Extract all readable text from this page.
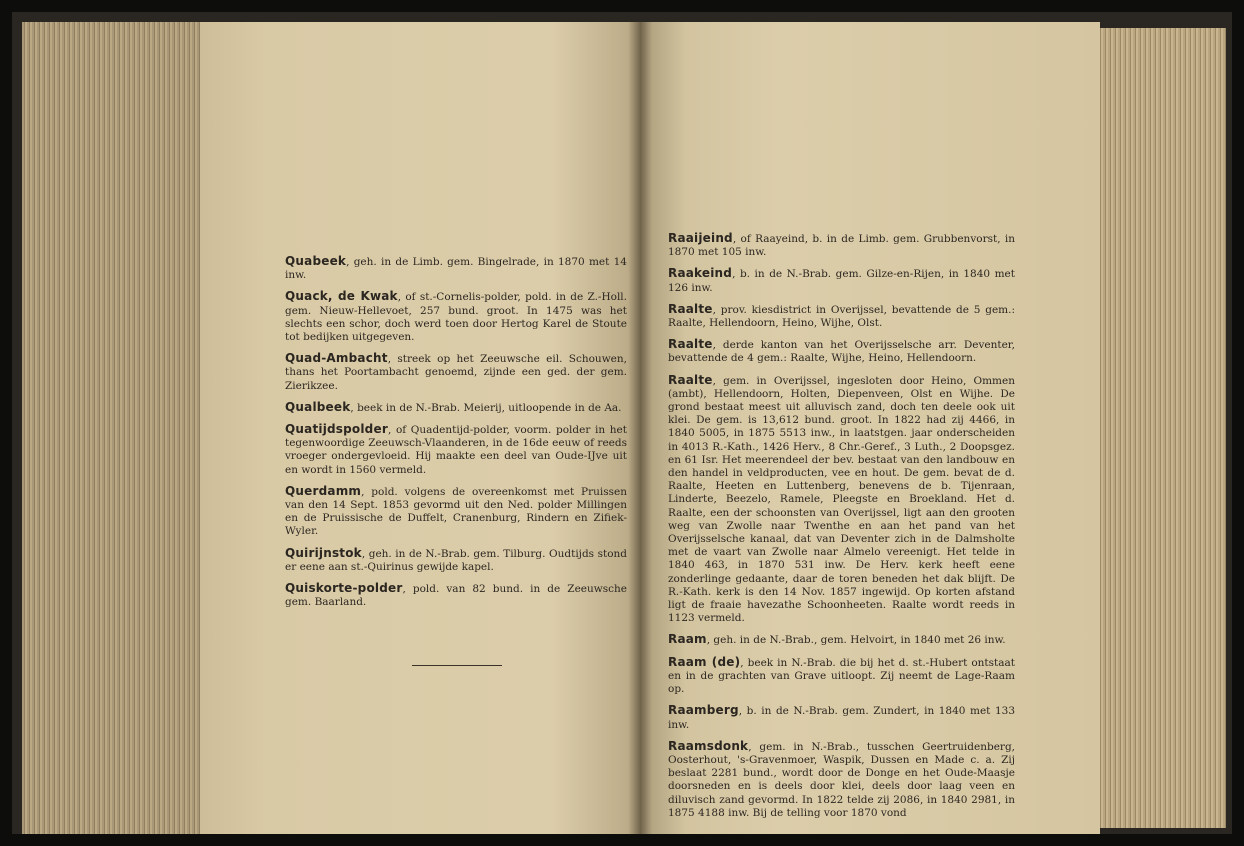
Quabeek, geh. in de Limb. gem. Bingelrade, in 1870 met 14 inw.

Quack, de Kwak, of st.-Cornelis-polder, pold. in de Z.-Holl. gem. Nieuw-Hellevoet, 257 bund. groot. In 1475 was het slechts een schor, doch werd toen door Hertog Karel de Stoute tot bedijken uitgegeven.

Quad-Ambacht, streek op het Zeeuwsche eil. Schouwen, thans het Poortambacht genoemd, zijnde een ged. der gem. Zierikzee.

Qualbeek, beek in de N.-Brab. Meierij, uitloopende in de Aa.

Quatijdspolder, of Quadentijd-polder, voorm. polder in het tegenwoordige Zeeuwsch-Vlaanderen, in de 16de eeuw of reeds vroeger ondergevloeid. Hij maakte een deel van Oude-IJve uit en wordt in 1560 vermeld.

Querdamm, pold. volgens de overeenkomst met Pruissen van den 14 Sept. 1853 gevormd uit den Ned. polder Millingen en de Pruissische de Duffelt, Cranenburg, Rindern en Zifiek-Wyler.

Quirijnstok, geh. in de N.-Brab. gem. Tilburg. Oudtijds stond er eene aan st.-Quirinus gewijde kapel.

Quiskorte-polder, pold. van 82 bund. in de Zeeuwsche gem. Baarland.

Raaijeind, of Raayeind, b. in de Limb. gem. Grubbenvorst, in 1870 met 105 inw.

Raakeind, b. in de N.-Brab. gem. Gilze-en-Rijen, in 1840 met 126 inw.

Raalte, prov. kiesdistrict in Overijssel, bevattende de 5 gem.: Raalte, Hellendoorn, Heino, Wijhe, Olst.

Raalte, derde kanton van het Overijsselsche arr. Deventer, bevattende de 4 gem.: Raalte, Wijhe, Heino, Hellendoorn.

Raalte, gem. in Overijssel, ingesloten door Heino, Ommen (ambt), Hellendoorn, Holten, Diepenveen, Olst en Wijhe. De grond bestaat meest uit alluvisch zand, doch ten deele ook uit klei. De gem. is 13,612 bund. groot. In 1822 had zij 4466, in 1840 5005, in 1875 5513 inw., in laatstgen. jaar onderscheiden in 4013 R.-Kath., 1426 Herv., 8 Chr.-Geref., 3 Luth., 2 Doopsgez. en 61 Isr. Het meerendeel der bev. bestaat van den landbouw en den handel in veldproducten, vee en hout. De gem. bevat de d. Raalte, Heeten en Luttenberg, benevens de b. Tijenraan, Linderte, Beezelo, Ramele, Pleegste en Broekland. Het d. Raalte, een der schoonsten van Overijssel, ligt aan den grooten weg van Zwolle naar Twenthe en aan het pand van het Overijsselsche kanaal, dat van Deventer zich in de Dalmsholte met de vaart van Zwolle naar Almelo vereenigt. Het telde in 1840 463, in 1870 531 inw. De Herv. kerk heeft eene zonderlinge gedaante, daar de toren beneden het dak blijft. De R.-Kath. kerk is den 14 Nov. 1857 ingewijd. Op korten afstand ligt de fraaie havezathe Schoonheeten. Raalte wordt reeds in 1123 vermeld.

Raam, geh. in de N.-Brab., gem. Helvoirt, in 1840 met 26 inw.

Raam (de), beek in N.-Brab. die bij het d. st.-Hubert ontstaat en in de grachten van Grave uitloopt. Zij neemt de Lage-Raam op.

Raamberg, b. in de N.-Brab. gem. Zundert, in 1840 met 133 inw.

Raamsdonk, gem. in N.-Brab., tusschen Geertruidenberg, Oosterhout, 's-Gravenmoer, Waspik, Dussen en Made c. a. Zij beslaat 2281 bund., wordt door de Donge en het Oude-Maasje doorsneden en is deels door klei, deels door laag veen en diluvisch zand gevormd. In 1822 telde zij 2086, in 1840 2981, in 1875 4188 inw. Bij de telling voor 1870 vond
